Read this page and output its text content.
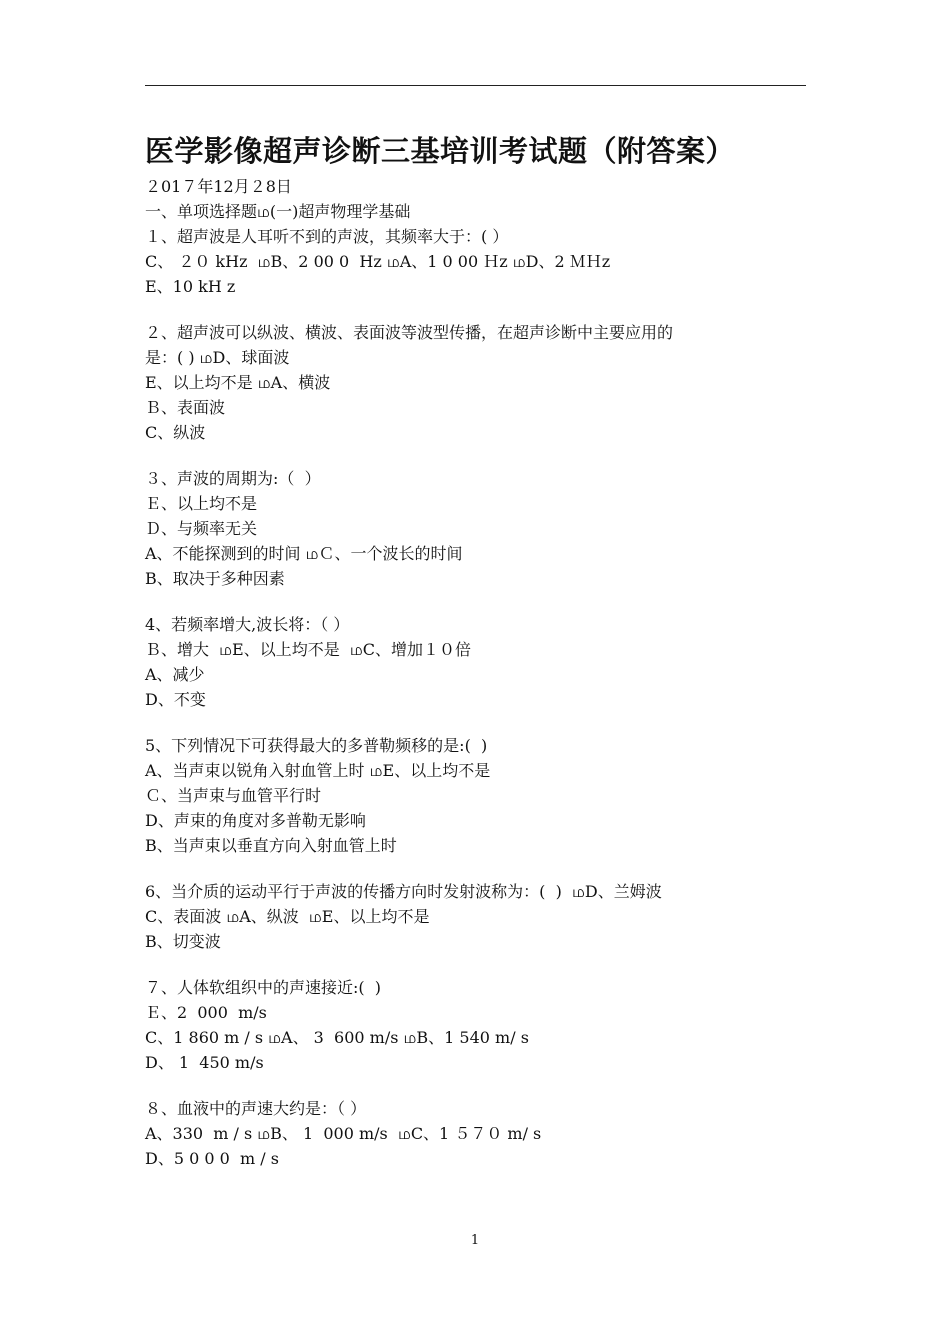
医学影像超声诊断三基培训考试题（附答案）
２01７年12月２8日
一、单项选择题ம(一)超声物理学基础
１、超声波是人耳听不到的声波，其频率大于：( ）
C、 ２０ kHz  மB、2 00 0  Hz மA、1 0 00 Ｈz மD、2 ＭＨz
E、10 kH z
２、超声波可以纵波、横波、表面波等波型传播，在超声诊断中主要应用的
是：( ) மD、球面波
E、以上均不是 மA、横波
Ｂ、表面波
C、纵波
３、声波的周期为:（  ）
Ｅ、以上均不是
Ｄ、与频率无关
A、不能探测到的时间 மＣ、一个波长的时间
B、取决于多种因素
4、若频率增大,波长将：（ ）
Ｂ、增大  மE、以上均不是  மC、增加１０倍
A、减少
D、不变
5、下列情况下可获得最大的多普勒频移的是:(  )
A、当声束以锐角入射血管上时 மE、以上均不是
Ｃ、当声束与血管平行时
D、声束的角度对多普勒无影响
B、当声束以垂直方向入射血管上时
6、当介质的运动平行于声波的传播方向时发射波称为：(  )  மD、兰姆波
C、表面波 மA、纵波  மE、以上均不是
B、切变波
７、人体软组织中的声速接近:(  )
Ｅ、2  000  m/s
C、1 860 m / s மA、 3  600 m/s மB、1 540 m/ s
D、 1  450 m/s
８、血液中的声速大约是：（ ）
A、330  m / s மB、 1  000 m/s  மC、1 ５７０ m/ s
D、5 0 0 0  m / s
1
